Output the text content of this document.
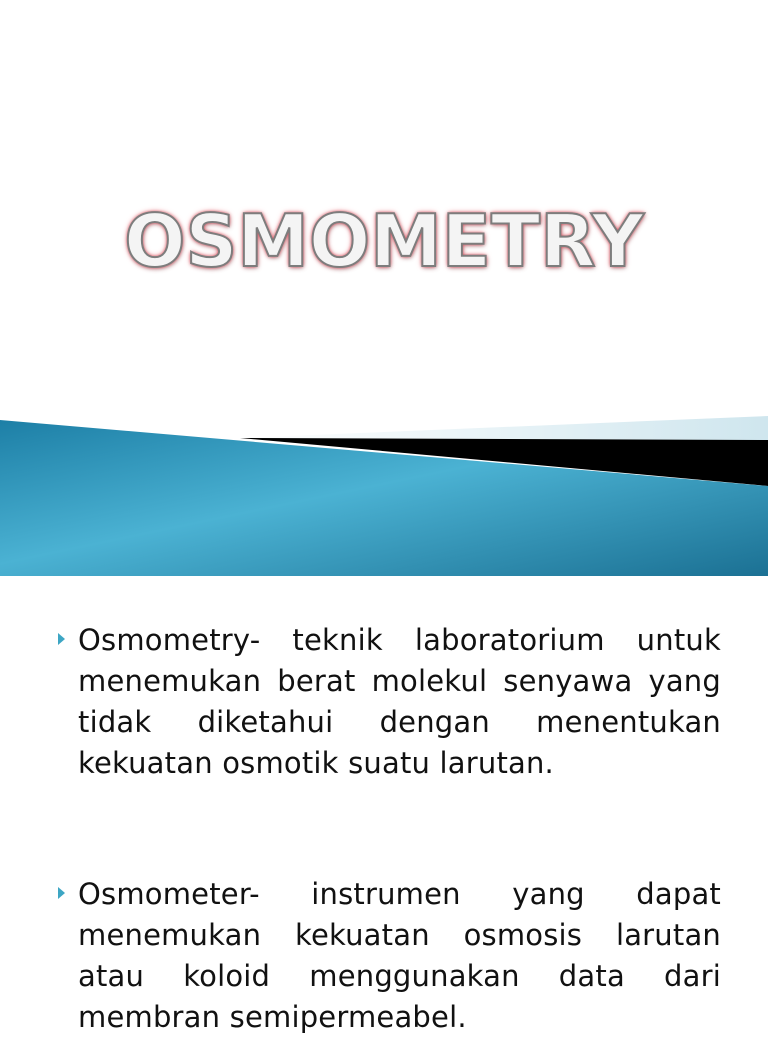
OSMOMETRY

Osmometry- teknik laboratorium untuk menemukan berat molekul senyawa yang tidak diketahui dengan menentukan kekuatan osmotik suatu larutan.

Osmometer- instrumen yang dapat menemukan kekuatan osmosis larutan atau koloid menggunakan data dari membran semipermeabel.
